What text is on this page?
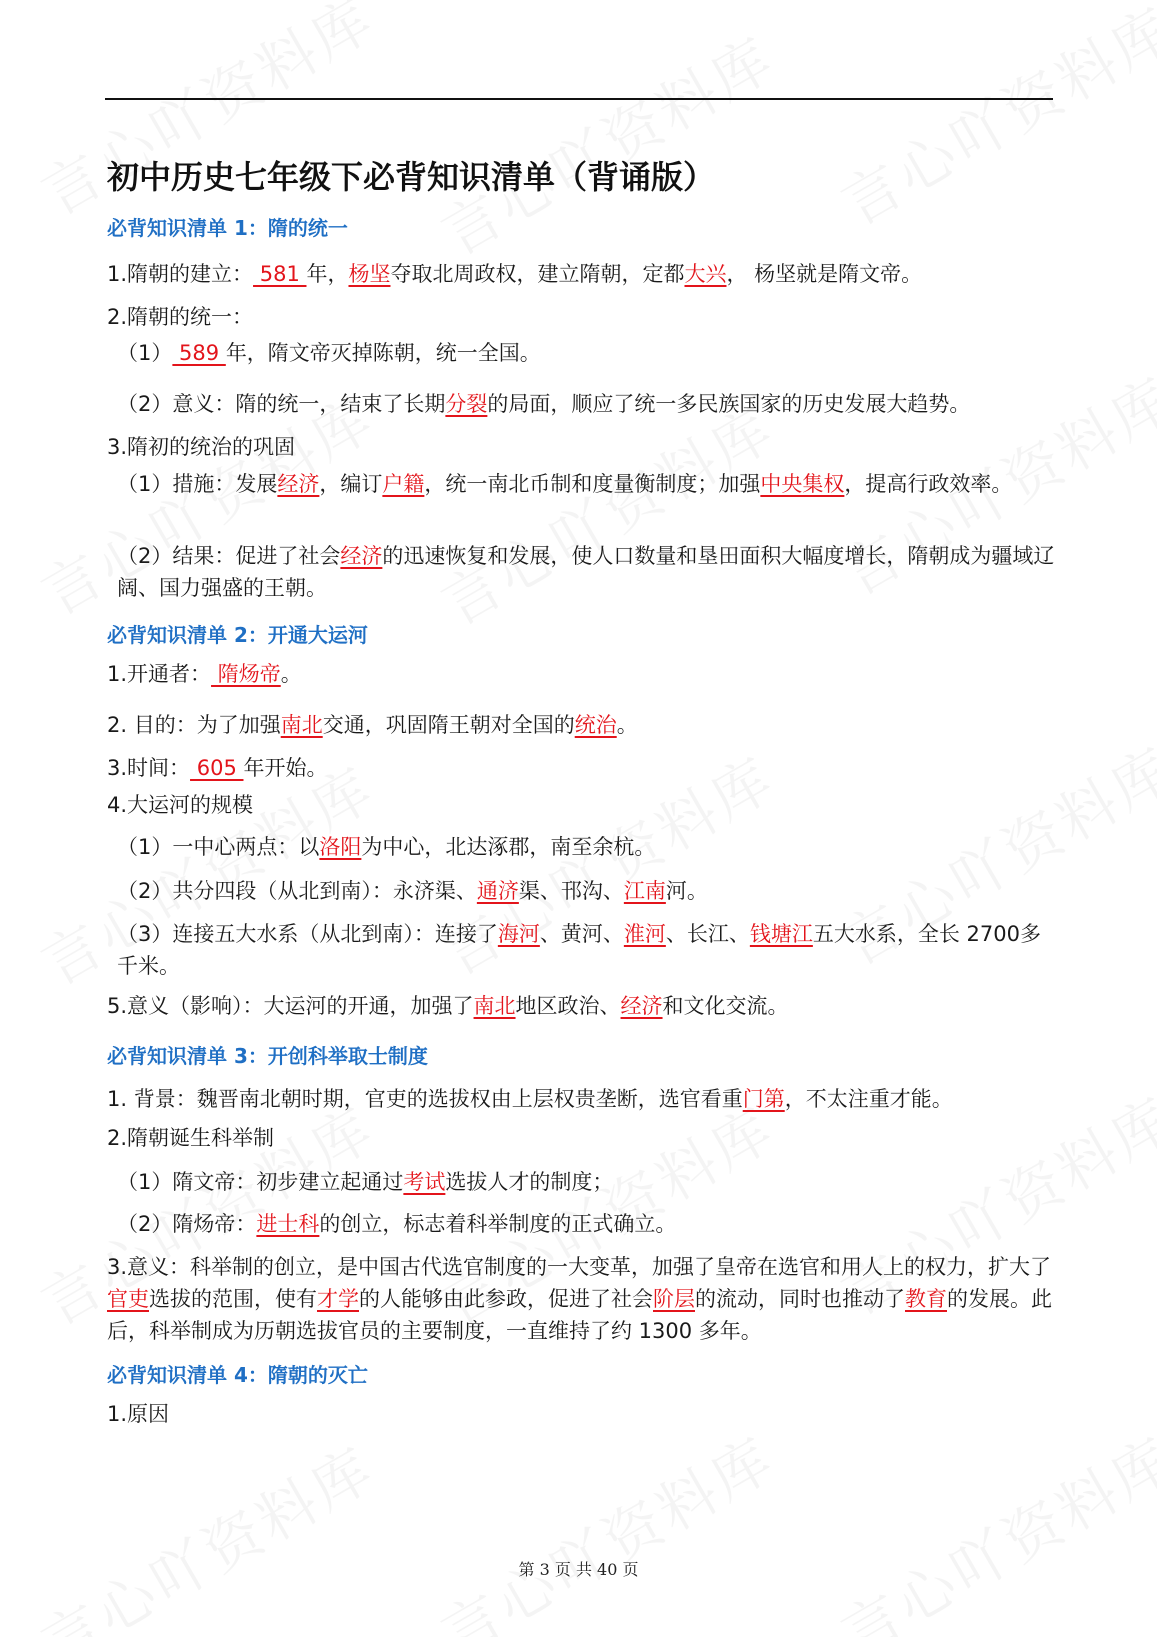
初中历史七年级下必背知识清单（背诵版）
必背知识清单 1：隋的统一

1.隋朝的建立： 581 年，杨坚夺取北周政权，建立隋朝，定都大兴， 杨坚就是隋文帝。

2.隋朝的统一：

（1） 589 年，隋文帝灭掉陈朝，统一全国。

（2）意义：隋的统一，结束了长期分裂的局面，顺应了统一多民族国家的历史发展大趋势。

3.隋初的统治的巩固

（1）措施：发展经济，编订户籍，统一南北币制和度量衡制度；加强中央集权，提高行政效率。

（2）结果：促进了社会经济的迅速恢复和发展，使人口数量和垦田面积大幅度增长，隋朝成为疆域辽阔、国力强盛的王朝。

必背知识清单 2：开通大运河

1.开通者： 隋炀帝。

2. 目的：为了加强南北交通，巩固隋王朝对全国的统治。

3.时间： 605 年开始。

4.大运河的规模

（1）一中心两点：以洛阳为中心，北达涿郡，南至余杭。

（2）共分四段（从北到南）：永济渠、通济渠、邗沟、江南河。

（3）连接五大水系（从北到南）：连接了海河、黄河、淮河、长江、钱塘江五大水系，全长 2700多千米。

5.意义（影响）：大运河的开通，加强了南北地区政治、经济和文化交流。

必背知识清单 3：开创科举取士制度

1. 背景：魏晋南北朝时期，官吏的选拔权由上层权贵垄断，选官看重门第，不太注重才能。

2.隋朝诞生科举制

（1）隋文帝：初步建立起通过考试选拔人才的制度；

（2）隋炀帝：进士科的创立，标志着科举制度的正式确立。

3.意义：科举制的创立，是中国古代选官制度的一大变革，加强了皇帝在选官和用人上的权力，扩大了官吏选拔的范围，使有才学的人能够由此参政，促进了社会阶层的流动，同时也推动了教育的发展。此后，科举制成为历朝选拔官员的主要制度，一直维持了约 1300 多年。

必背知识清单 4：隋朝的灭亡

1.原因

第 3 页 共 40 页
